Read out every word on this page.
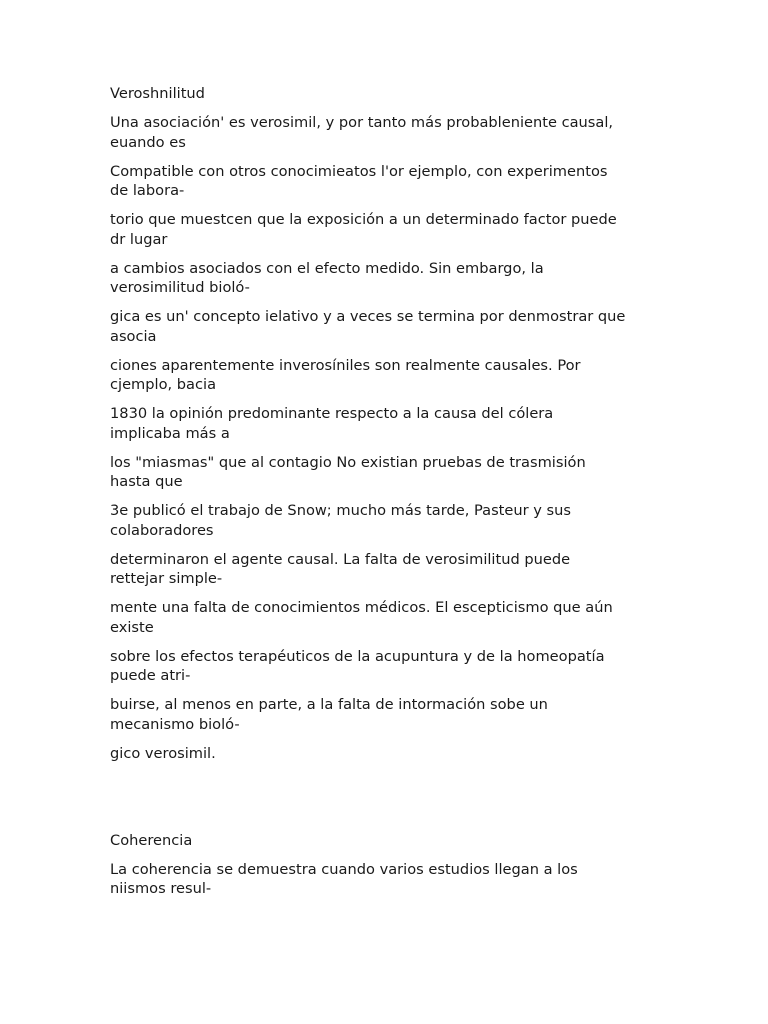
Veroshnilitud

Una asociación' es verosimil, y por tanto más probableniente causal,
euando es

Compatible con otros conocimieatos l'or ejemplo, con experimentos
de labora-

torio que muestcen que la exposición a un determinado factor puede
dr lugar

a cambios asociados con el efecto medido. Sin embargo, la
verosimilitud bioló-

gica es un' concepto ielativo y a veces se termina por denmostrar que
asocia

ciones aparentemente inverosíniles son realmente causales. Por
cjemplo, bacia

1830 la opinión predominante respecto a la causa del cólera
implicaba más a

los "miasmas" que al contagio No existian pruebas de trasmisión
hasta que

3e publicó el trabajo de Snow; mucho más tarde, Pasteur y sus
colaboradores

determinaron el agente causal. La falta de verosimilitud puede
rettejar simple-

mente una falta de conocimientos médicos. El escepticismo que aún
existe

sobre los efectos terapéuticos de la acupuntura y de la homeopatía
puede atri-

buirse, al menos en parte, a la falta de intormación sobe un
mecanismo bioló-

gico verosimil.

Coherencia

La coherencia se demuestra cuando varios estudios llegan a los
niismos resul-
